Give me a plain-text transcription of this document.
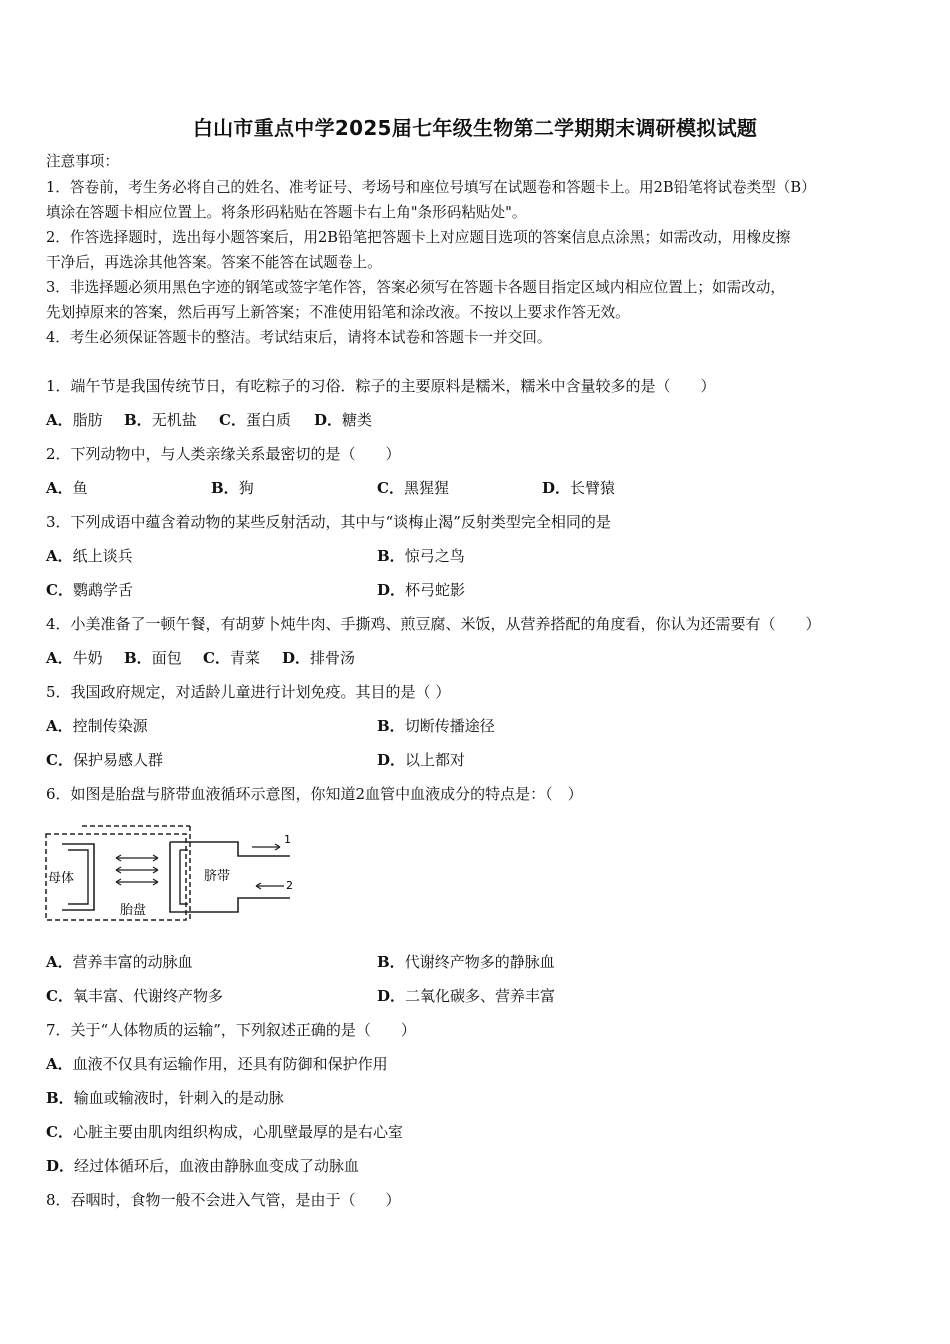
白山市重点中学2025届七年级生物第二学期期末调研模拟试题
注意事项：
1．答卷前，考生务必将自己的姓名、准考证号、考场号和座位号填写在试题卷和答题卡上。用2B铅笔将试卷类型（B）
填涂在答题卡相应位置上。将条形码粘贴在答题卡右上角"条形码粘贴处"。
2．作答选择题时，选出每小题答案后，用2B铅笔把答题卡上对应题目选项的答案信息点涂黑；如需改动，用橡皮擦
干净后，再选涂其他答案。答案不能答在试题卷上。
3．非选择题必须用黑色字迹的钢笔或签字笔作答，答案必须写在答题卡各题目指定区域内相应位置上；如需改动，
先划掉原来的答案，然后再写上新答案；不准使用铅笔和涂改液。不按以上要求作答无效。
4．考生必须保证答题卡的整洁。考试结束后，请将本试卷和答题卡一并交回。
1．端午节是我国传统节日，有吃粽子的习俗．粽子的主要原料是糯米，糯米中含量较多的是（　　）
A．脂肪 B．无机盐 C．蛋白质 D．糖类
2．下列动物中，与人类亲缘关系最密切的是（　　）
A．鱼	B．狗	C．黑猩猩	D．长臂猿
3．下列成语中蕴含着动物的某些反射活动，其中与“谈梅止渴”反射类型完全相同的是
A．纸上谈兵	B．惊弓之鸟
C．鹦鹉学舌	D．杯弓蛇影
4．小美准备了一顿午餐，有胡萝卜炖牛肉、手撕鸡、煎豆腐、米饭，从营养搭配的角度看，你认为还需要有（　　）
A．牛奶 B．面包 C．青菜 D．排骨汤
5．我国政府规定，对适龄儿童进行计划免疫。其目的是（ ）
A．控制传染源	B．切断传播途径
C．保护易感人群	D．以上都对
6．如图是胎盘与脐带血液循环示意图，你知道2血管中血液成分的特点是：（　）
母体
胎盘
脐带
1
2
A．营养丰富的动脉血	B．代谢终产物多的静脉血
C．氧丰富、代谢终产物多	D．二氧化碳多、营养丰富
7．关于“人体物质的运输”，下列叙述正确的是（　　）
A．血液不仅具有运输作用，还具有防御和保护作用
B．输血或输液时，针刺入的是动脉
C．心脏主要由肌肉组织构成，心肌壁最厚的是右心室
D．经过体循环后，血液由静脉血变成了动脉血
8．吞咽时，食物一般不会进入气管，是由于（　　）
